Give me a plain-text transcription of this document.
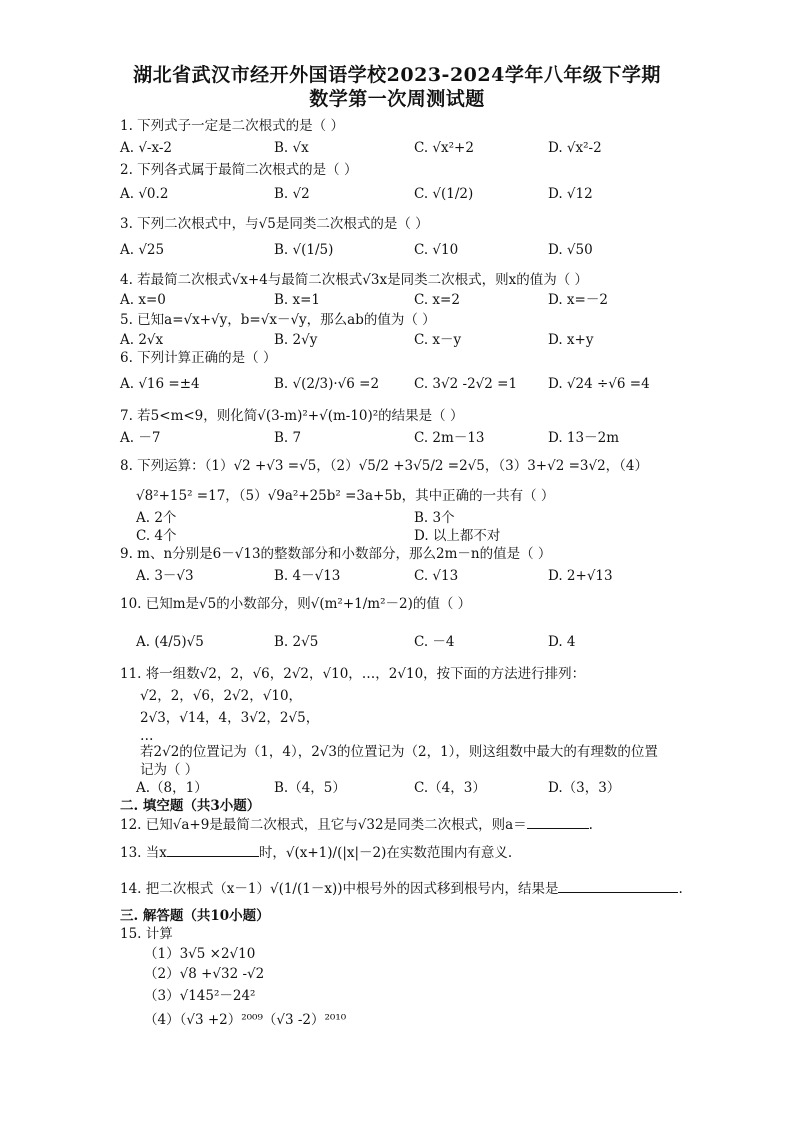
湖北省武汉市经开外国语学校2023-2024学年八年级下学期
数学第一次周测试题
1. 下列式子一定是二次根式的是（ ）
A. √-x-2	B. √x	C. √x²+2	D. √x²-2
2. 下列各式属于最简二次根式的是（ ）
A. √0.2	B. √2	C. √(1/2)	D. √12
3. 下列二次根式中，与√5是同类二次根式的是（ ）
A. √25	B. √(1/5)	C. √10	D. √50
4. 若最简二次根式√x+4与最简二次根式√3x是同类二次根式，则x的值为（ ）
A. x=0	B. x=1	C. x=2	D. x=－2
5. 已知a=√x+√y，b=√x－√y，那么ab的值为（ ）
A. 2√x	B. 2√y	C. x－y	D. x+y
6. 下列计算正确的是（ ）
A. √16 =±4	B. √(2/3)·√6 =2	C. 3√2 -2√2 =1 D. √24 ÷√6 =4
7. 若5<m<9，则化简√(3-m)²+√(m-10)²的结果是（ ）
A. －7	B. 7	C. 2m－13	D. 13－2m
8. 下列运算：（1）√2 +√3 =√5，（2）√5/2 +3√5/2 =2√5，（3）3+√2 =3√2，（4）
√8²+15² =17，（5）√9a²+25b² =3a+5b，其中正确的一共有（ ）
A. 2个	B. 3个
C. 4个	D. 以上都不对
9. m、n分别是6－√13的整数部分和小数部分，那么2m－n的值是（ ）
A. 3－√3	B. 4－√13	C. √13	D. 2+√13
10. 已知m是√5的小数部分，则√(m²+1/m²－2)的值（ ）
A. (4/5)√5	B. 2√5	C. －4	D. 4
11. 将一组数√2，2，√6，2√2，√10，…，2√10，按下面的方法进行排列：
√2，2，√6，2√2，√10，
2√3，√14，4，3√2，2√5，
…
若2√2的位置记为（1，4），2√3的位置记为（2，1），则这组数中最大的有理数的位置
记为（ ）
A.（8，1）	B.（4，5）	C.（4，3）	D.（3，3）
二. 填空题（共3小题）
12. 已知√a+9是最简二次根式，且它与√32是同类二次根式，则a＝	.
13. 当x	时，√(x+1)/(|x|－2)在实数范围内有意义.
14. 把二次根式（x－1）√(1/(1－x))中根号外的因式移到根号内，结果是	.
三. 解答题（共10小题）
15. 计算
（1）3√5 ×2√10
（2）√8 +√32 -√2
（3）√145²－24²
（4）（√3 +2）²⁰⁰⁹（√3 -2）²⁰¹⁰
